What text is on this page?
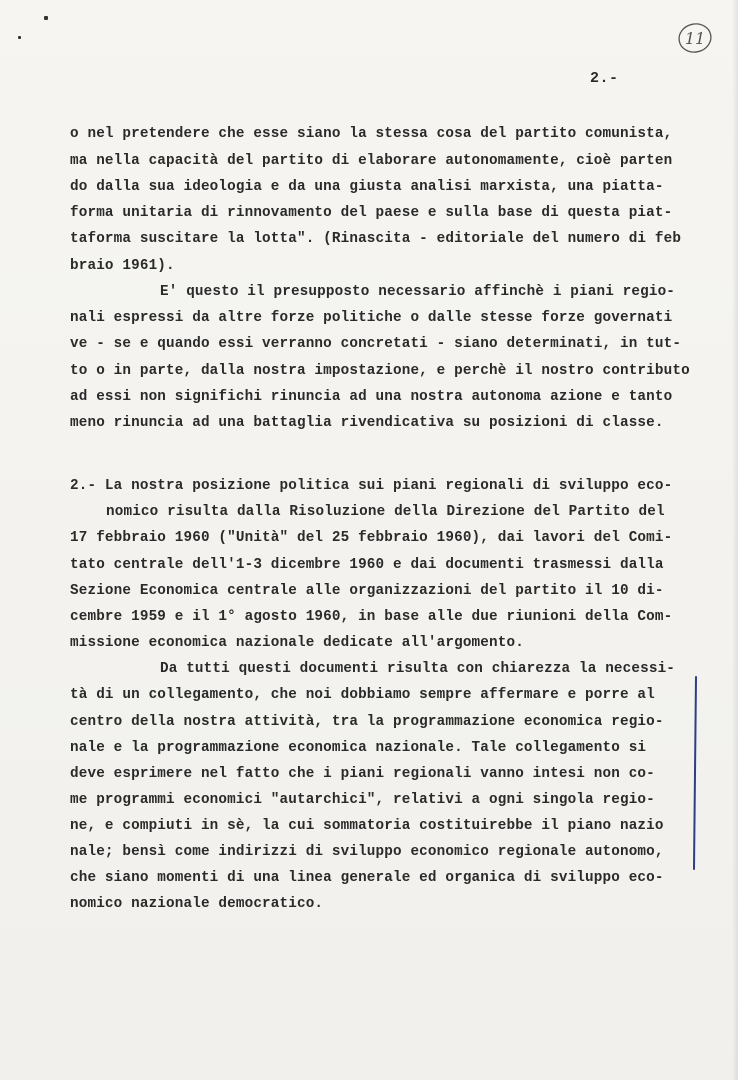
11
2.-
o nel pretendere che esse siano la stessa cosa del partito comunista,
ma nella capacità del partito di elaborare autonomamente, cioè parten
do dalla sua ideologia e da una giusta analisi marxista, una piatta-
forma unitaria di rinnovamento del paese e sulla base di questa piat-
taforma suscitare la lotta". (Rinascita - editoriale del numero di feb
braio 1961).
E' questo il presupposto necessario affinchè i piani regio-
nali espressi da altre forze politiche o dalle stesse forze governati
ve - se e quando essi verranno concretati - siano determinati, in tut-
to o in parte, dalla nostra impostazione, e perchè il nostro contributo
ad essi non significhi rinuncia ad una nostra autonoma azione e tanto
meno rinuncia ad una battaglia rivendicativa su posizioni di classe.
2.- La nostra posizione politica sui piani regionali di sviluppo eco-
nomico risulta dalla Risoluzione della Direzione del Partito del
17 febbraio 1960 ("Unità" del 25 febbraio 1960), dai lavori del Comi-
tato centrale dell'1-3 dicembre 1960 e dai documenti trasmessi dalla
Sezione Economica centrale alle organizzazioni del partito il 10 di-
cembre 1959 e il 1° agosto 1960, in base alle due riunioni della Com-
missione economica nazionale dedicate all'argomento.
Da tutti questi documenti risulta con chiarezza la necessi-
tà di un collegamento, che noi dobbiamo sempre affermare e porre al
centro della nostra attività, tra la programmazione economica regio-
nale e la programmazione economica nazionale. Tale collegamento si
deve esprimere nel fatto che i piani regionali vanno intesi non co-
me programmi economici "autarchici", relativi a ogni singola regio-
ne, e compiuti in sè, la cui sommatoria costituirebbe il piano nazio
nale; bensì come indirizzi di sviluppo economico regionale autonomo,
che siano momenti di una linea generale ed organica di sviluppo eco-
nomico nazionale democratico.
